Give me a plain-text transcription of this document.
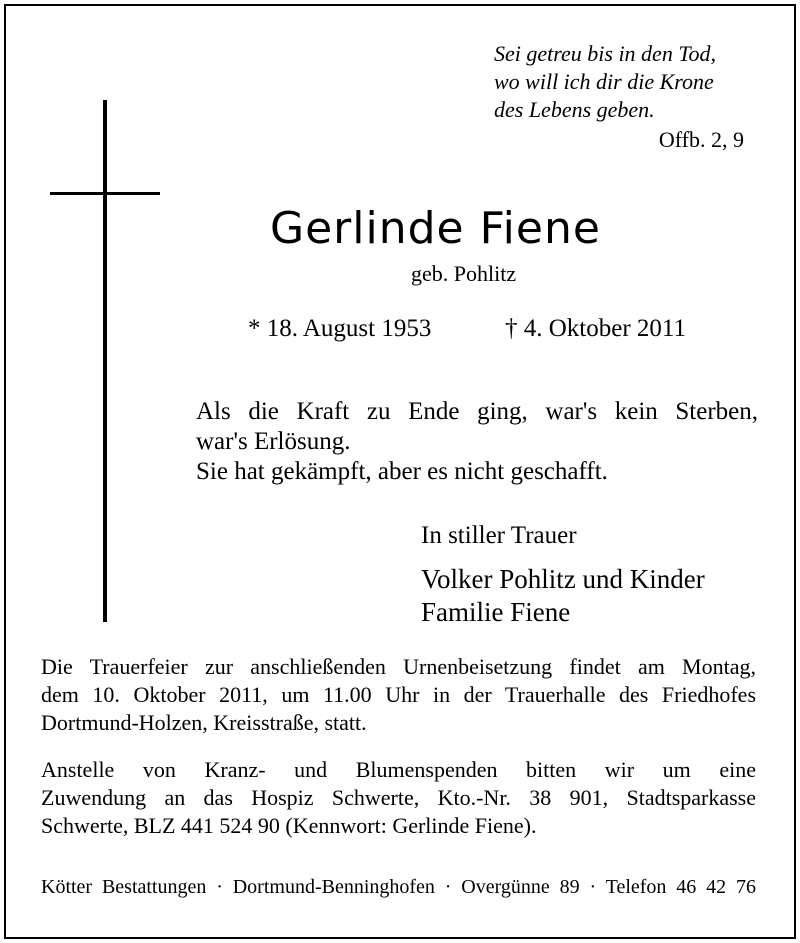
Sei getreu bis in den Tod,
wo will ich dir die Krone
des Lebens geben.
Offb. 2, 9
Gerlinde Fiene
geb. Pohlitz
* 18. August 1953	† 4. Oktober 2011
Als die Kraft zu Ende ging, war's kein Sterben,
war's Erlösung.
Sie hat gekämpft, aber es nicht geschafft.
In stiller Trauer
Volker Pohlitz und Kinder
Familie Fiene
Die Trauerfeier zur anschließenden Urnenbeisetzung findet am Montag,
dem 10. Oktober 2011, um 11.00 Uhr in der Trauerhalle des Friedhofes
Dortmund-Holzen, Kreisstraße, statt.
Anstelle von Kranz- und Blumenspenden bitten wir um eine
Zuwendung an das Hospiz Schwerte, Kto.-Nr. 38 901, Stadtsparkasse
Schwerte, BLZ 441 524 90 (Kennwort: Gerlinde Fiene).
Kötter Bestattungen · Dortmund-Benninghofen · Overgünne 89 · Telefon 46 42 76
